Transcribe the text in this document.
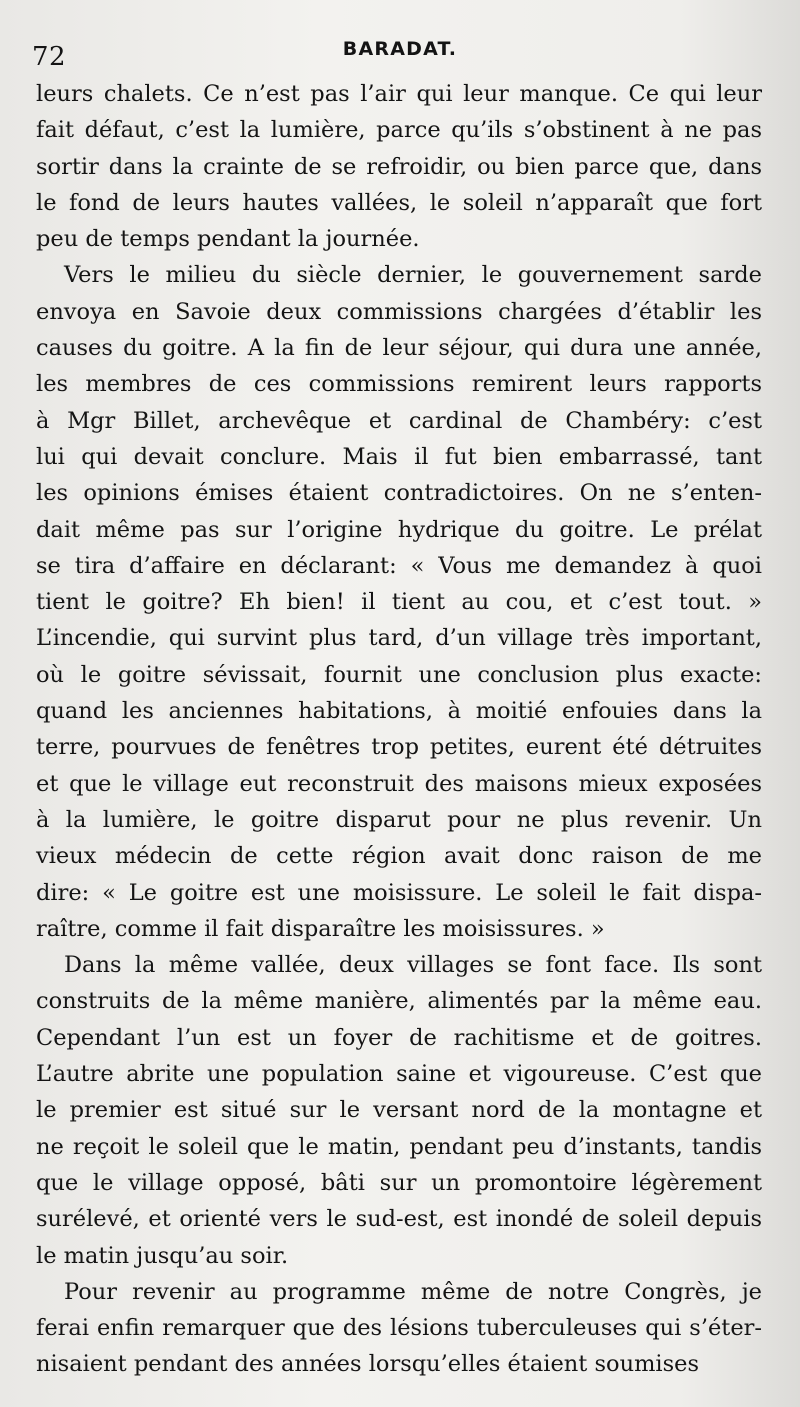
72	BARADAT.
leurs chalets. Ce n’est pas l’air qui leur manque. Ce qui leur
fait défaut, c’est la lumière, parce qu’ils s’obstinent à ne pas
sortir dans la crainte de se refroidir, ou bien parce que, dans
le fond de leurs hautes vallées, le soleil n’apparaît que fort
peu de temps pendant la journée.
Vers le milieu du siècle dernier, le gouvernement sarde
envoya en Savoie deux commissions chargées d’établir les
causes du goitre. A la fin de leur séjour, qui dura une année,
les membres de ces commissions remirent leurs rapports
à Mgr Billet, archevêque et cardinal de Chambéry: c’est
lui qui devait conclure. Mais il fut bien embarrassé, tant
les opinions émises étaient contradictoires. On ne s’enten-
dait même pas sur l’origine hydrique du goitre. Le prélat
se tira d’affaire en déclarant: « Vous me demandez à quoi
tient le goitre? Eh bien! il tient au cou, et c’est tout. »
L’incendie, qui survint plus tard, d’un village très important,
où le goitre sévissait, fournit une conclusion plus exacte:
quand les anciennes habitations, à moitié enfouies dans la
terre, pourvues de fenêtres trop petites, eurent été détruites
et que le village eut reconstruit des maisons mieux exposées
à la lumière, le goitre disparut pour ne plus revenir. Un
vieux médecin de cette région avait donc raison de me
dire: « Le goitre est une moisissure. Le soleil le fait dispa-
raître, comme il fait disparaître les moisissures. »
Dans la même vallée, deux villages se font face. Ils sont
construits de la même manière, alimentés par la même eau.
Cependant l’un est un foyer de rachitisme et de goitres.
L’autre abrite une population saine et vigoureuse. C’est que
le premier est situé sur le versant nord de la montagne et
ne reçoit le soleil que le matin, pendant peu d’instants, tandis
que le village opposé, bâti sur un promontoire légèrement
surélevé, et orienté vers le sud-est, est inondé de soleil depuis
le matin jusqu’au soir.
Pour revenir au programme même de notre Congrès, je
ferai enfin remarquer que des lésions tuberculeuses qui s’éter-
nisaient pendant des années lorsqu’elles étaient soumises
